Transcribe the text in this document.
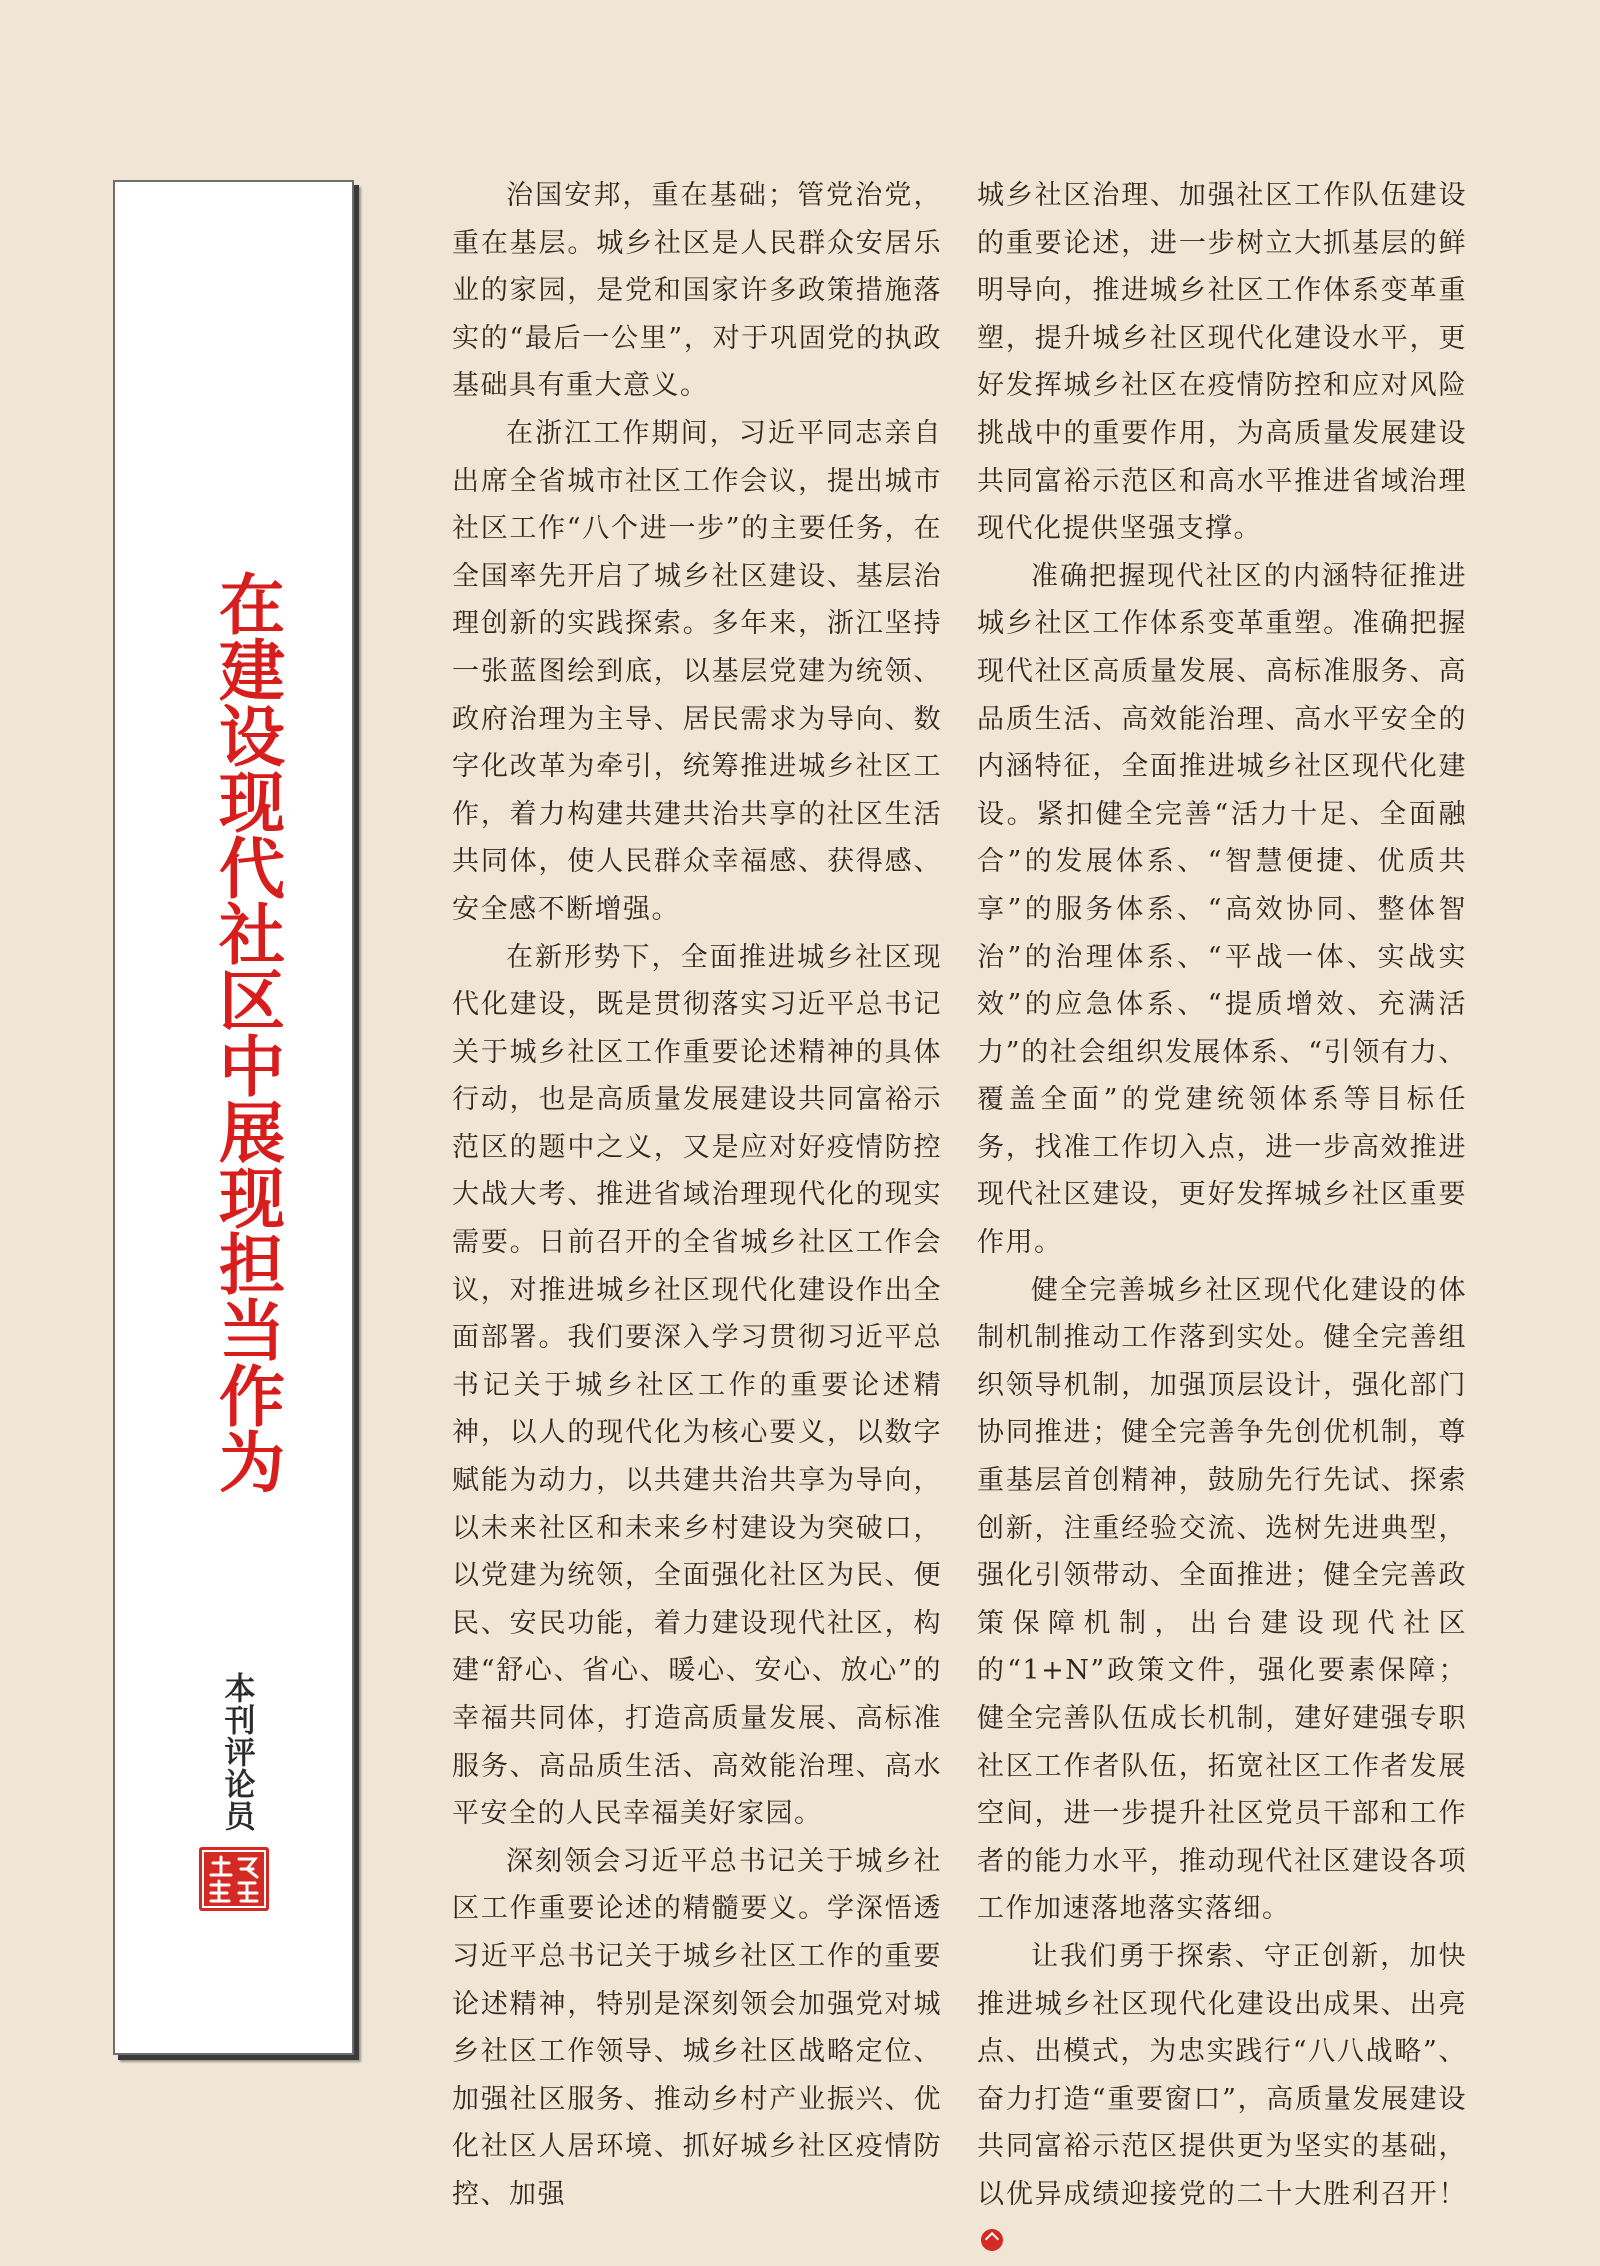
在建设现代社区中展现担当作为
本刊评论员

治国安邦，重在基础；管党治党，重在基层。城乡社区是人民群众安居乐业的家园，是党和国家许多政策措施落实的“最后一公里”，对于巩固党的执政基础具有重大意义。

在浙江工作期间，习近平同志亲自出席全省城市社区工作会议，提出城市社区工作“八个进一步”的主要任务，在全国率先开启了城乡社区建设、基层治理创新的实践探索。多年来，浙江坚持一张蓝图绘到底，以基层党建为统领、政府治理为主导、居民需求为导向、数字化改革为牵引，统筹推进城乡社区工作，着力构建共建共治共享的社区生活共同体，使人民群众幸福感、获得感、安全感不断增强。

在新形势下，全面推进城乡社区现代化建设，既是贯彻落实习近平总书记关于城乡社区工作重要论述精神的具体行动，也是高质量发展建设共同富裕示范区的题中之义，又是应对好疫情防控大战大考、推进省域治理现代化的现实需要。日前召开的全省城乡社区工作会议，对推进城乡社区现代化建设作出全面部署。我们要深入学习贯彻习近平总书记关于城乡社区工作的重要论述精神，以人的现代化为核心要义，以数字赋能为动力，以共建共治共享为导向，以未来社区和未来乡村建设为突破口，以党建为统领，全面强化社区为民、便民、安民功能，着力建设现代社区，构建“舒心、省心、暖心、安心、放心”的幸福共同体，打造高质量发展、高标准服务、高品质生活、高效能治理、高水平安全的人民幸福美好家园。

深刻领会习近平总书记关于城乡社区工作重要论述的精髓要义。学深悟透习近平总书记关于城乡社区工作的重要论述精神，特别是深刻领会加强党对城乡社区工作领导、城乡社区战略定位、加强社区服务、推动乡村产业振兴、优化社区人居环境、抓好城乡社区疫情防控、加强

城乡社区治理、加强社区工作队伍建设的重要论述，进一步树立大抓基层的鲜明导向，推进城乡社区工作体系变革重塑，提升城乡社区现代化建设水平，更好发挥城乡社区在疫情防控和应对风险挑战中的重要作用，为高质量发展建设共同富裕示范区和高水平推进省域治理现代化提供坚强支撑。

准确把握现代社区的内涵特征推进城乡社区工作体系变革重塑。准确把握现代社区高质量发展、高标准服务、高品质生活、高效能治理、高水平安全的内涵特征，全面推进城乡社区现代化建设。紧扣健全完善“活力十足、全面融合”的发展体系、“智慧便捷、优质共享”的服务体系、“高效协同、整体智治”的治理体系、“平战一体、实战实效”的应急体系、“提质增效、充满活力”的社会组织发展体系、“引领有力、覆盖全面”的党建统领体系等目标任务，找准工作切入点，进一步高效推进现代社区建设，更好发挥城乡社区重要作用。

健全完善城乡社区现代化建设的体制机制推动工作落到实处。健全完善组织领导机制，加强顶层设计，强化部门协同推进；健全完善争先创优机制，尊重基层首创精神，鼓励先行先试、探索创新，注重经验交流、选树先进典型，强化引领带动、全面推进；健全完善政策保障机制，出台建设现代社区的“1+N”政策文件，强化要素保障；健全完善队伍成长机制，建好建强专职社区工作者队伍，拓宽社区工作者发展空间，进一步提升社区党员干部和工作者的能力水平，推动现代社区建设各项工作加速落地落实落细。

让我们勇于探索、守正创新，加快推进城乡社区现代化建设出成果、出亮点、出模式，为忠实践行“八八战略”、奋力打造“重要窗口”，高质量发展建设共同富裕示范区提供更为坚实的基础，以优异成绩迎接党的二十大胜利召开！
